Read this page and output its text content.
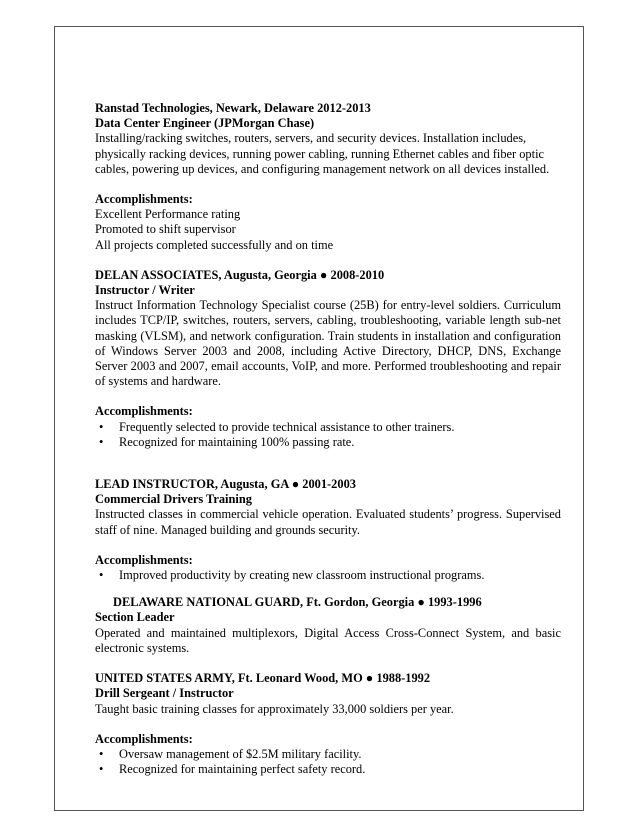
Ranstad Technologies, Newark, Delaware 2012-2013
Data Center Engineer (JPMorgan Chase)
Installing/racking switches, routers, servers, and security devices. Installation includes,
physically racking devices, running power cabling, running Ethernet cables and fiber optic
cables, powering up devices, and configuring management network on all devices installed.
Accomplishments:
Excellent Performance rating
Promoted to shift supervisor
All projects completed successfully and on time
DELAN ASSOCIATES, Augusta, Georgia ● 2008-2010
Instructor / Writer
Instruct Information Technology Specialist course (25B) for entry-level soldiers. Curriculum includes TCP/IP, switches, routers, servers, cabling, troubleshooting, variable length sub-net masking (VLSM), and network configuration. Train students in installation and configuration of Windows Server 2003 and 2008, including Active Directory, DHCP, DNS, Exchange Server 2003 and 2007, email accounts, VoIP, and more. Performed troubleshooting and repair of systems and hardware.
Accomplishments:
• Frequently selected to provide technical assistance to other trainers.
• Recognized for maintaining 100% passing rate.
LEAD INSTRUCTOR, Augusta, GA ● 2001-2003
Commercial Drivers Training
Instructed classes in commercial vehicle operation. Evaluated students’ progress. Supervised staff of nine. Managed building and grounds security.
Accomplishments:
• Improved productivity by creating new classroom instructional programs.
DELAWARE NATIONAL GUARD, Ft. Gordon, Georgia ● 1993-1996
Section Leader
Operated and maintained multiplexors, Digital Access Cross-Connect System, and basic electronic systems.
UNITED STATES ARMY, Ft. Leonard Wood, MO ● 1988-1992
Drill Sergeant / Instructor
Taught basic training classes for approximately 33,000 soldiers per year.
Accomplishments:
• Oversaw management of $2.5M military facility.
• Recognized for maintaining perfect safety record.
